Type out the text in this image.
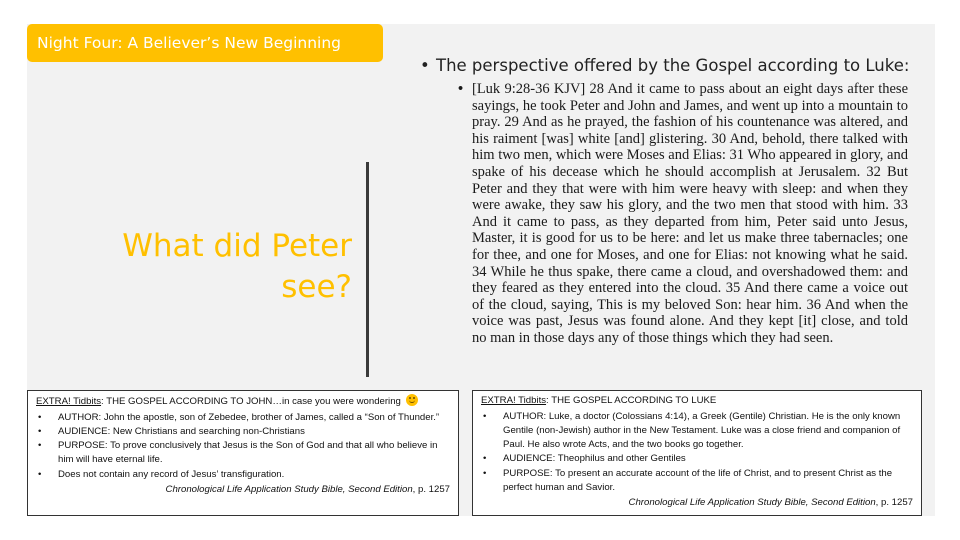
Night Four: A Believer’s New Beginning
What did Peter see?
• The perspective offered by the Gospel according to Luke:
• [Luk 9:28-36 KJV] 28 And it came to pass about an eight days after these sayings, he took Peter and John and James, and went up into a mountain to pray. 29 And as he prayed, the fashion of his countenance was altered, and his raiment [was] white [and] glistering. 30 And, behold, there talked with him two men, which were Moses and Elias: 31 Who appeared in glory, and spake of his decease which he should accomplish at Jerusalem. 32 But Peter and they that were with him were heavy with sleep: and when they were awake, they saw his glory, and the two men that stood with him. 33 And it came to pass, as they departed from him, Peter said unto Jesus, Master, it is good for us to be here: and let us make three tabernacles; one for thee, and one for Moses, and one for Elias: not knowing what he said. 34 While he thus spake, there came a cloud, and overshadowed them: and they feared as they entered into the cloud. 35 And there came a voice out of the cloud, saying, This is my beloved Son: hear him. 36 And when the voice was past, Jesus was found alone. And they kept [it] close, and told no man in those days any of those things which they had seen.
EXTRA! Tidbits: THE GOSPEL ACCORDING TO JOHN…in case you were wondering
• AUTHOR: John the apostle, son of Zebedee, brother of James, called a “Son of Thunder.”
• AUDIENCE: New Christians and searching non-Christians
• PURPOSE: To prove conclusively that Jesus is the Son of God and that all who believe in him will have eternal life.
• Does not contain any record of Jesus’ transfiguration.
Chronological Life Application Study Bible, Second Edition, p. 1257
EXTRA! Tidbits: THE GOSPEL ACCORDING TO LUKE
• AUTHOR: Luke, a doctor (Colossians 4:14), a Greek (Gentile) Christian. He is the only known Gentile (non-Jewish) author in the New Testament. Luke was a close friend and companion of Paul. He also wrote Acts, and the two books go together.
• AUDIENCE: Theophilus and other Gentiles
• PURPOSE: To present an accurate account of the life of Christ, and to present Christ as the perfect human and Savior.
Chronological Life Application Study Bible, Second Edition, p. 1257
